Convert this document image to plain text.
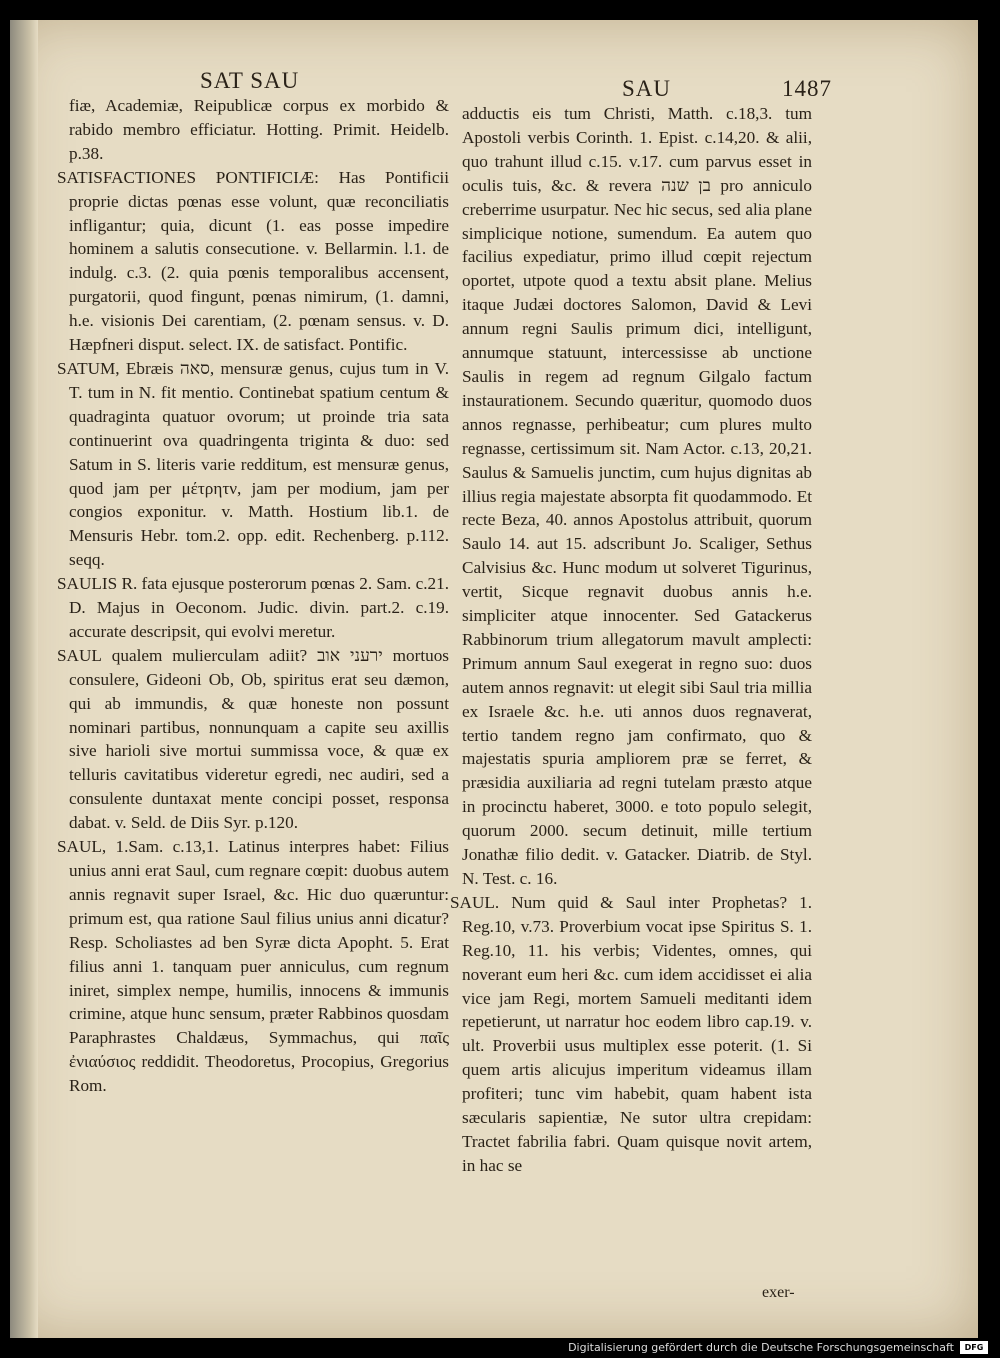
SAT SAU	SAU	1487

fiæ, Academiæ, Reipublicæ corpus ex morbido & rabido membro efficiatur. Hotting. Primit. Heidelb. p.38.

SATISFACTIONES PONTIFICIÆ: Has Pontificii proprie dictas pœnas esse volunt, quæ reconciliatis infligantur; quia, dicunt (1. eas posse impedire hominem a salutis consecutione. v. Bellarmin. l.1. de indulg. c.3. (2. quia pœnis temporalibus accensent, purgatorii, quod fingunt, pœnas nimirum, (1. damni, h.e. visionis Dei carentiam, (2. pœnam sensus. v. D. Hæpfneri disput. select. IX. de satisfact. Pontific.

SATUM, Ebræis סאה, mensuræ genus, cujus tum in V. T. tum in N. fit mentio. Continebat spatium centum & quadraginta quatuor ovorum; ut proinde tria sata continuerint ova quadringenta triginta & duo: sed Satum in S. literis varie redditum, est mensuræ genus, quod jam per μέτρητν, jam per modium, jam per congios exponitur. v. Matth. Hostium lib.1. de Mensuris Hebr. tom.2. opp. edit. Rechenberg. p.112. seqq.

SAULIS R. fata ejusque posterorum pœnas 2. Sam. c.21. D. Majus in Oeconom. Judic. divin. part.2. c.19. accurate descripsit, qui evolvi meretur.

SAUL qualem mulierculam adiit? ירעני אוב mortuos consulere, Gideoni Ob, Ob, spiritus erat seu dæmon, qui ab immundis, & quæ honeste non possunt nominari partibus, nonnunquam a capite seu axillis sive harioli sive mortui summissa voce, & quæ ex telluris cavitatibus videretur egredi, nec audiri, sed a consulente duntaxat mente concipi posset, responsa dabat. v. Seld. de Diis Syr. p.120.

SAUL, 1.Sam. c.13,1. Latinus interpres habet: Filius unius anni erat Saul, cum regnare cœpit: duobus autem annis regnavit super Israel, &c. Hic duo quæruntur: primum est, qua ratione Saul filius unius anni dicatur? Resp. Scholiastes ad ben Syræ dicta Apopht. 5. Erat filius anni 1. tanquam puer anniculus, cum regnum iniret, simplex nempe, humilis, innocens & immunis crimine, atque hunc sensum, præter Rabbinos quosdam Paraphrastes Chaldæus, Symmachus, qui παῖς ἐνιαύσιος reddidit. Theodoretus, Procopius, Gregorius Rom.

adductis eis tum Christi, Matth. c.18,3. tum Apostoli verbis Corinth. 1. Epist. c.14,20. & alii, quo trahunt illud c.15. v.17. cum parvus esset in oculis tuis, &c. & revera בן שנה pro anniculo creberrime usurpatur. Nec hic secus, sed alia plane simplicique notione, sumendum. Ea autem quo facilius expediatur, primo illud cœpit rejectum oportet, utpote quod a textu absit plane. Melius itaque Judæi doctores Salomon, David & Levi annum regni Saulis primum dici, intelligunt, annumque statuunt, intercessisse ab unctione Saulis in regem ad regnum Gilgalo factum instaurationem. Secundo quæritur, quomodo duos annos regnasse, perhibeatur; cum plures multo regnasse, certissimum sit. Nam Actor. c.13, 20,21. Saulus & Samuelis junctim, cum hujus dignitas ab illius regia majestate absorpta fit quodammodo. Et recte Beza, 40. annos Apostolus attribuit, quorum Saulo 14. aut 15. adscribunt Jo. Scaliger, Sethus Calvisius &c. Hunc modum ut solveret Tigurinus, vertit, Sicque regnavit duobus annis h.e. simpliciter atque innocenter. Sed Gatackerus Rabbinorum trium allegatorum mavult amplecti: Primum annum Saul exegerat in regno suo: duos autem annos regnavit: ut elegit sibi Saul tria millia ex Israele &c. h.e. uti annos duos regnaverat, tertio tandem regno jam confirmato, quo & majestatis spuria ampliorem præ se ferret, & præsidia auxiliaria ad regni tutelam præsto atque in procinctu haberet, 3000. e toto populo selegit, quorum 2000. secum detinuit, mille tertium Jonathæ filio dedit. v. Gatacker. Diatrib. de Styl. N. Test. c. 16.

SAUL. Num quid & Saul inter Prophetas? 1. Reg.10, v.73. Proverbium vocat ipse Spiritus S. 1. Reg.10, 11. his verbis; Videntes, omnes, qui noverant eum heri &c. cum idem accidisset ei alia vice jam Regi, mortem Samueli meditanti idem repetierunt, ut narratur hoc eodem libro cap.19. v. ult. Proverbii usus multiplex esse poterit. (1. Si quem artis alicujus imperitum videamus illam profiteri; tunc vim habebit, quam habent ista sæcularis sapientiæ, Ne sutor ultra crepidam: Tractet fabrilia fabri. Quam quisque novit artem, in hac se

exer-
Digitalisierung gefördert durch die Deutsche Forschungsgemeinschaft	DFG
